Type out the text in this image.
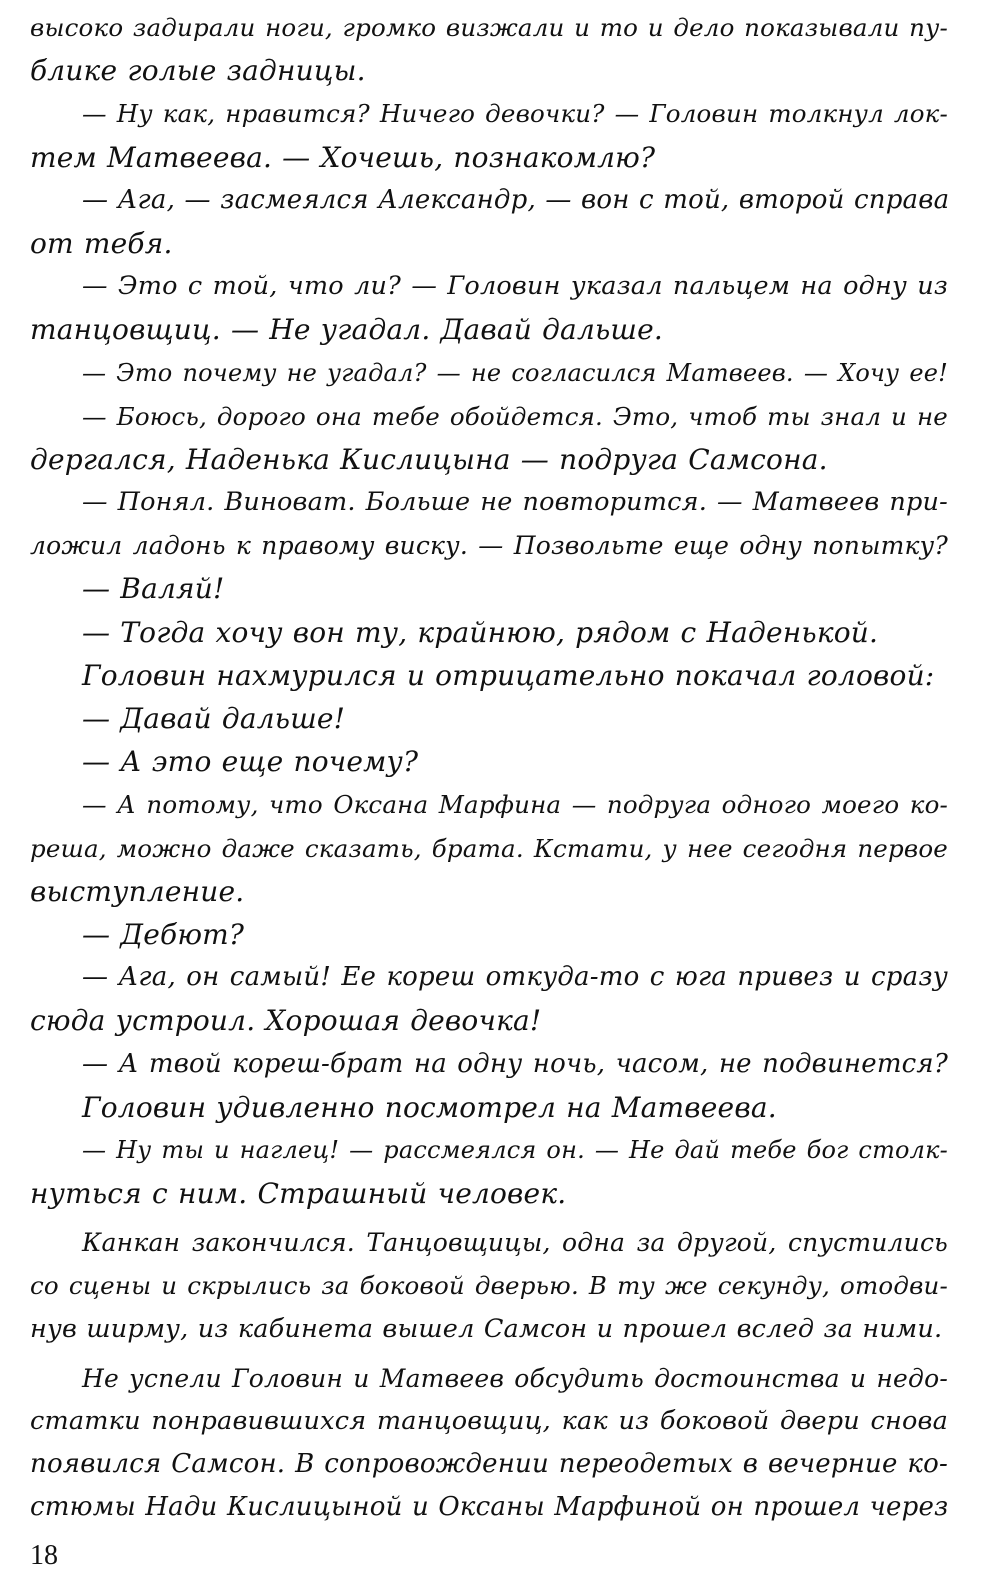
высоко задирали ноги, громко визжали и то и дело показывали пу-
блике голые задницы.
— Ну как, нравится? Ничего девочки? — Головин толкнул лок-
тем Матвеева. — Хочешь, познакомлю?
— Ага, — засмеялся Александр, — вон с той, второй справа
от тебя.
— Это с той, что ли? — Головин указал пальцем на одну из
танцовщиц. — Не угадал. Давай дальше.
— Это почему не угадал? — не согласился Матвеев. — Хочу ее!
— Боюсь, дорого она тебе обойдется. Это, чтоб ты знал и не
дергался, Наденька Кислицына — подруга Самсона.
— Понял. Виноват. Больше не повторится. — Матвеев при-
ложил ладонь к правому виску. — Позвольте еще одну попытку?
— Валяй!
— Тогда хочу вон ту, крайнюю, рядом с Наденькой.
Головин нахмурился и отрицательно покачал головой:
— Давай дальше!
— А это еще почему?
— А потому, что Оксана Марфина — подруга одного моего ко-
реша, можно даже сказать, брата. Кстати, у нее сегодня первое
выступление.
— Дебют?
— Ага, он самый! Ее кореш откуда-то с юга привез и сразу
сюда устроил. Хорошая девочка!
— А твой кореш-брат на одну ночь, часом, не подвинется?
Головин удивленно посмотрел на Матвеева.
— Ну ты и наглец! — рассмеялся он. — Не дай тебе бог столк-
нуться с ним. Страшный человек.
Канкан закончился. Танцовщицы, одна за другой, спустились
со сцены и скрылись за боковой дверью. В ту же секунду, отодви-
нув ширму, из кабинета вышел Самсон и прошел вслед за ними.
Не успели Головин и Матвеев обсудить достоинства и недо-
статки понравившихся танцовщиц, как из боковой двери снова
появился Самсон. В сопровождении переодетых в вечерние ко-
стюмы Нади Кислицыной и Оксаны Марфиной он прошел через
18
